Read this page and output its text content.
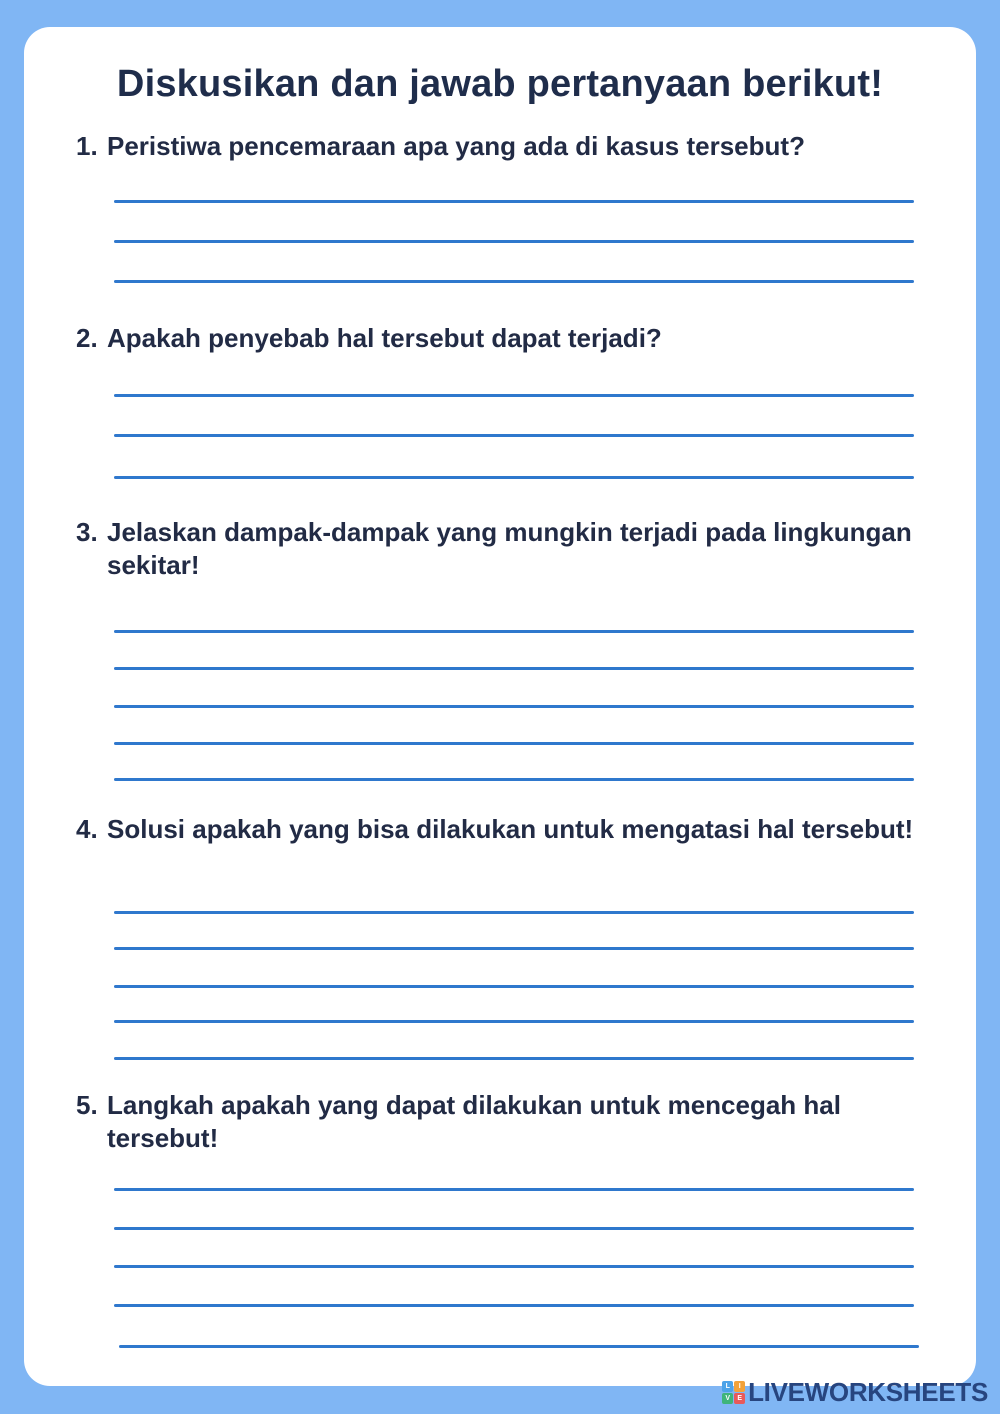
Diskusikan dan jawab pertanyaan berikut!
1. Peristiwa pencemaraan apa yang ada di kasus tersebut?
2. Apakah penyebab hal tersebut dapat terjadi?
3. Jelaskan dampak-dampak yang mungkin terjadi pada lingkungan sekitar!
4. Solusi apakah yang bisa dilakukan untuk mengatasi hal tersebut!
5. Langkah apakah yang dapat dilakukan untuk mencegah hal tersebut!
L	I
V	E LIVEWORKSHEETS
